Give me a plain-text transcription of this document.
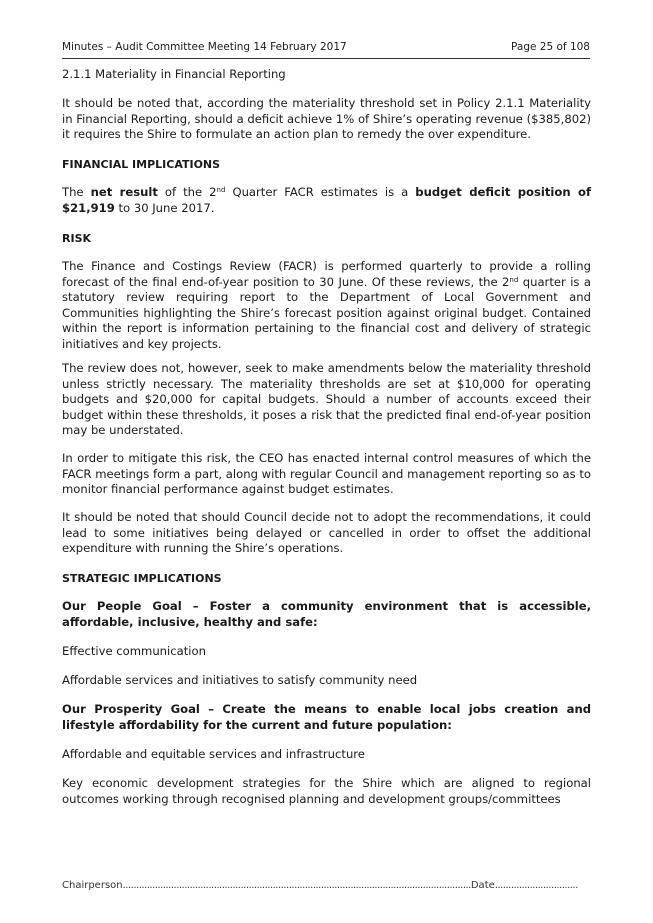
Minutes – Audit Committee Meeting 14 February 2017	Page 25 of 108
2.1.1 Materiality in Financial Reporting
It should be noted that, according the materiality threshold set in Policy 2.1.1 Materiality in Financial Reporting, should a deficit achieve 1% of Shire’s operating revenue ($385,802) it requires the Shire to formulate an action plan to remedy the over expenditure.
FINANCIAL IMPLICATIONS
The net result of the 2nd Quarter FACR estimates is a budget deficit position of $21,919 to 30 June 2017.
RISK
The Finance and Costings Review (FACR) is performed quarterly to provide a rolling forecast of the final end-of-year position to 30 June. Of these reviews, the 2nd quarter is a statutory review requiring report to the Department of Local Government and Communities highlighting the Shire’s forecast position against original budget. Contained within the report is information pertaining to the financial cost and delivery of strategic initiatives and key projects.
The review does not, however, seek to make amendments below the materiality threshold unless strictly necessary. The materiality thresholds are set at $10,000 for operating budgets and $20,000 for capital budgets. Should a number of accounts exceed their budget within these thresholds, it poses a risk that the predicted final end-of-year position may be understated.
In order to mitigate this risk, the CEO has enacted internal control measures of which the FACR meetings form a part, along with regular Council and management reporting so as to monitor financial performance against budget estimates.
It should be noted that should Council decide not to adopt the recommendations, it could lead to some initiatives being delayed or cancelled in order to offset the additional expenditure with running the Shire’s operations.
STRATEGIC IMPLICATIONS
Our People Goal – Foster a community environment that is accessible, affordable, inclusive, healthy and safe:
Effective communication
Affordable services and initiatives to satisfy community need
Our Prosperity Goal – Create the means to enable local jobs creation and lifestyle affordability for the current and future population:
Affordable and equitable services and infrastructure
Key economic development strategies for the Shire which are aligned to regional outcomes working through recognised planning and development groups/committees
Chairperson..................................................................................................................................Date...............................
